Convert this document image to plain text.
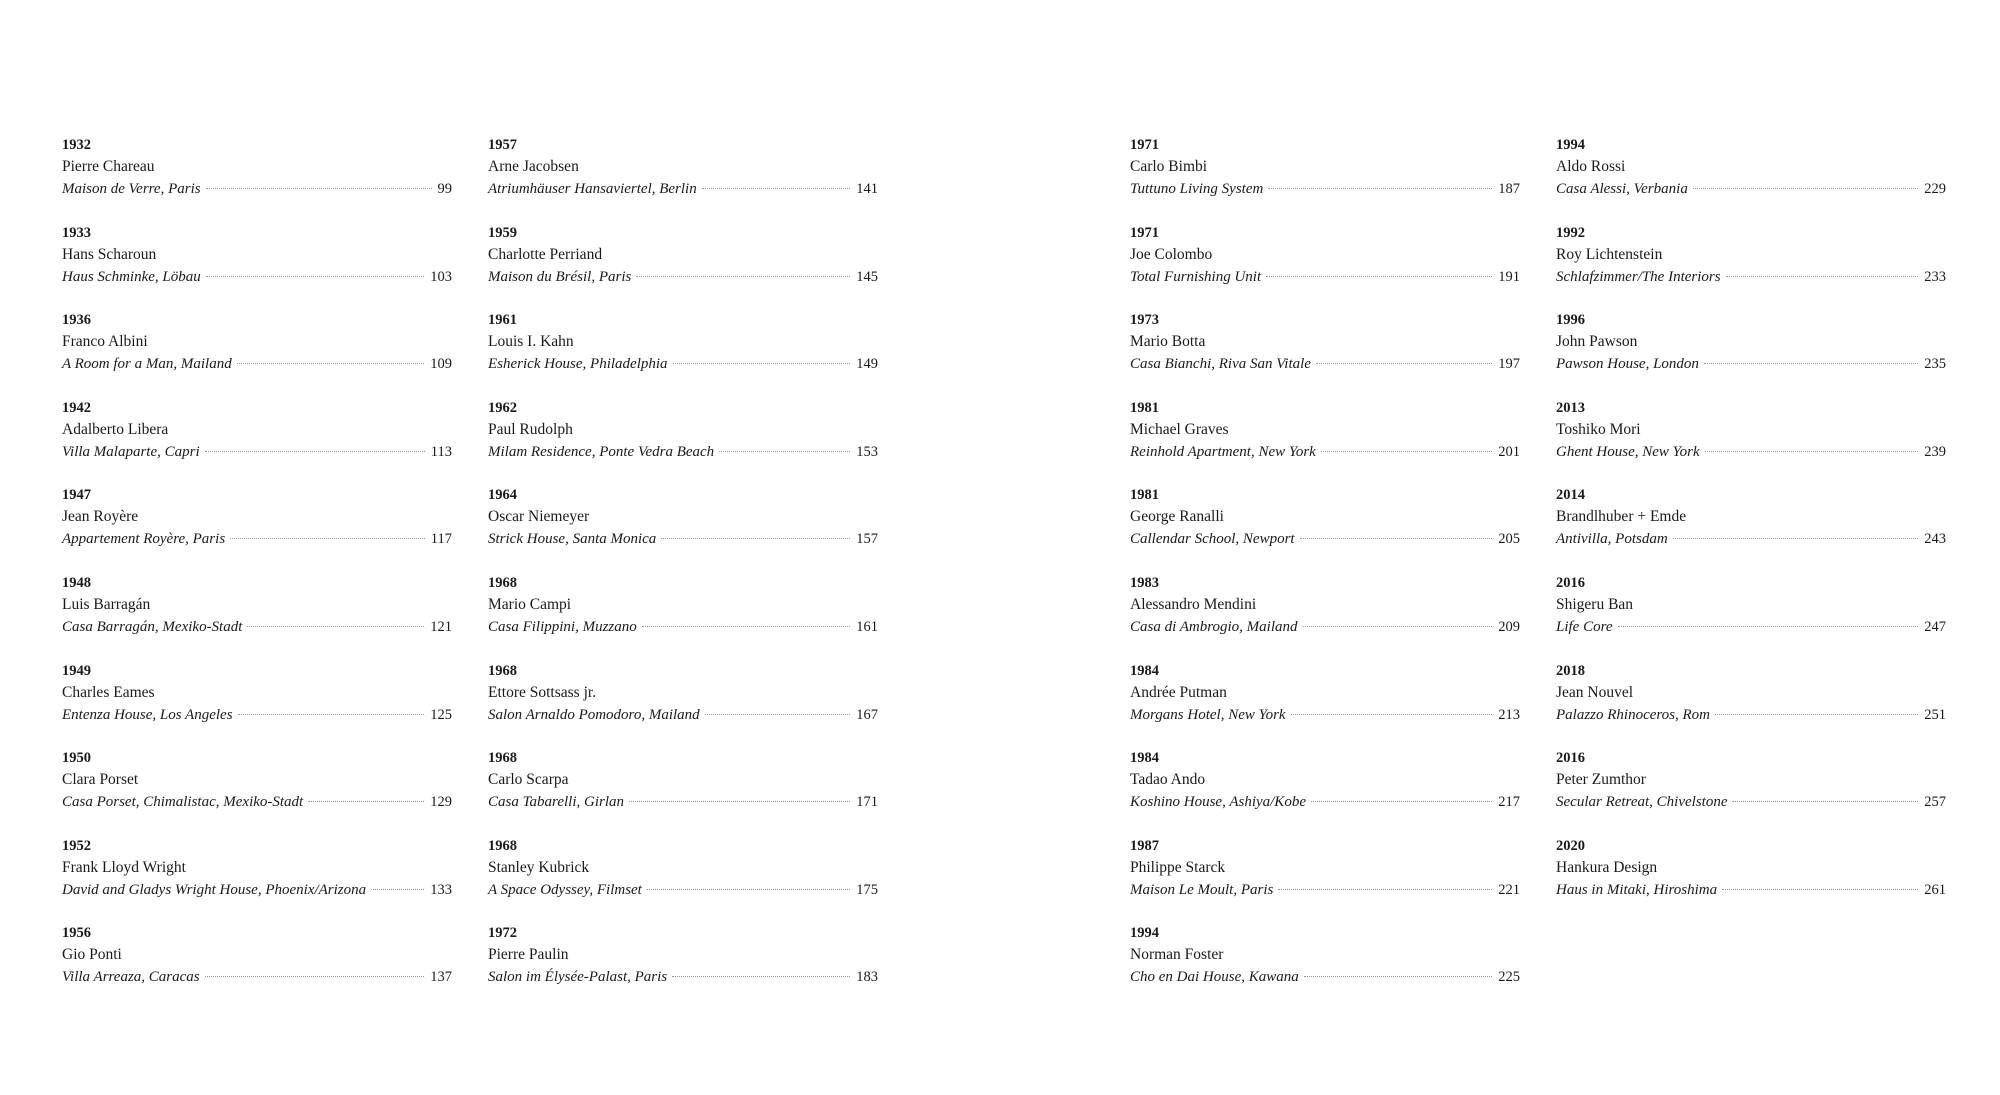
1932
Pierre Chareau
Maison de Verre, Paris	99
1933
Hans Scharoun
Haus Schminke, Löbau	103
1936
Franco Albini
A Room for a Man, Mailand	109
1942
Adalberto Libera
Villa Malaparte, Capri	113
1947
Jean Royère
Appartement Royère, Paris	117
1948
Luis Barragán
Casa Barragán, Mexiko-Stadt	121
1949
Charles Eames
Entenza House, Los Angeles	125
1950
Clara Porset
Casa Porset, Chimalistac, Mexiko-Stadt	129
1952
Frank Lloyd Wright
David and Gladys Wright House, Phoenix/Arizona	133
1956
Gio Ponti
Villa Arreaza, Caracas	137
1957
Arne Jacobsen
Atriumhäuser Hansaviertel, Berlin	141
1959
Charlotte Perriand
Maison du Brésil, Paris	145
1961
Louis I. Kahn
Esherick House, Philadelphia	149
1962
Paul Rudolph
Milam Residence, Ponte Vedra Beach	153
1964
Oscar Niemeyer
Strick House, Santa Monica	157
1968
Mario Campi
Casa Filippini, Muzzano	161
1968
Ettore Sottsass jr.
Salon Arnaldo Pomodoro, Mailand	167
1968
Carlo Scarpa
Casa Tabarelli, Girlan	171
1968
Stanley Kubrick
A Space Odyssey, Filmset	175
1972
Pierre Paulin
Salon im Élysée-Palast, Paris	183
1971
Carlo Bimbi
Tuttuno Living System	187
1971
Joe Colombo
Total Furnishing Unit	191
1973
Mario Botta
Casa Bianchi, Riva San Vitale	197
1981
Michael Graves
Reinhold Apartment, New York	201
1981
George Ranalli
Callendar School, Newport	205
1983
Alessandro Mendini
Casa di Ambrogio, Mailand	209
1984
Andrée Putman
Morgans Hotel, New York	213
1984
Tadao Ando
Koshino House, Ashiya/Kobe	217
1987
Philippe Starck
Maison Le Moult, Paris	221
1994
Norman Foster
Cho en Dai House, Kawana	225
1994
Aldo Rossi
Casa Alessi, Verbania	229
1992
Roy Lichtenstein
Schlafzimmer/The Interiors	233
1996
John Pawson
Pawson House, London	235
2013
Toshiko Mori
Ghent House, New York	239
2014
Brandlhuber + Emde
Antivilla, Potsdam	243
2016
Shigeru Ban
Life Core	247
2018
Jean Nouvel
Palazzo Rhinoceros, Rom	251
2016
Peter Zumthor
Secular Retreat, Chivelstone	257
2020
Hankura Design
Haus in Mitaki, Hiroshima	261
